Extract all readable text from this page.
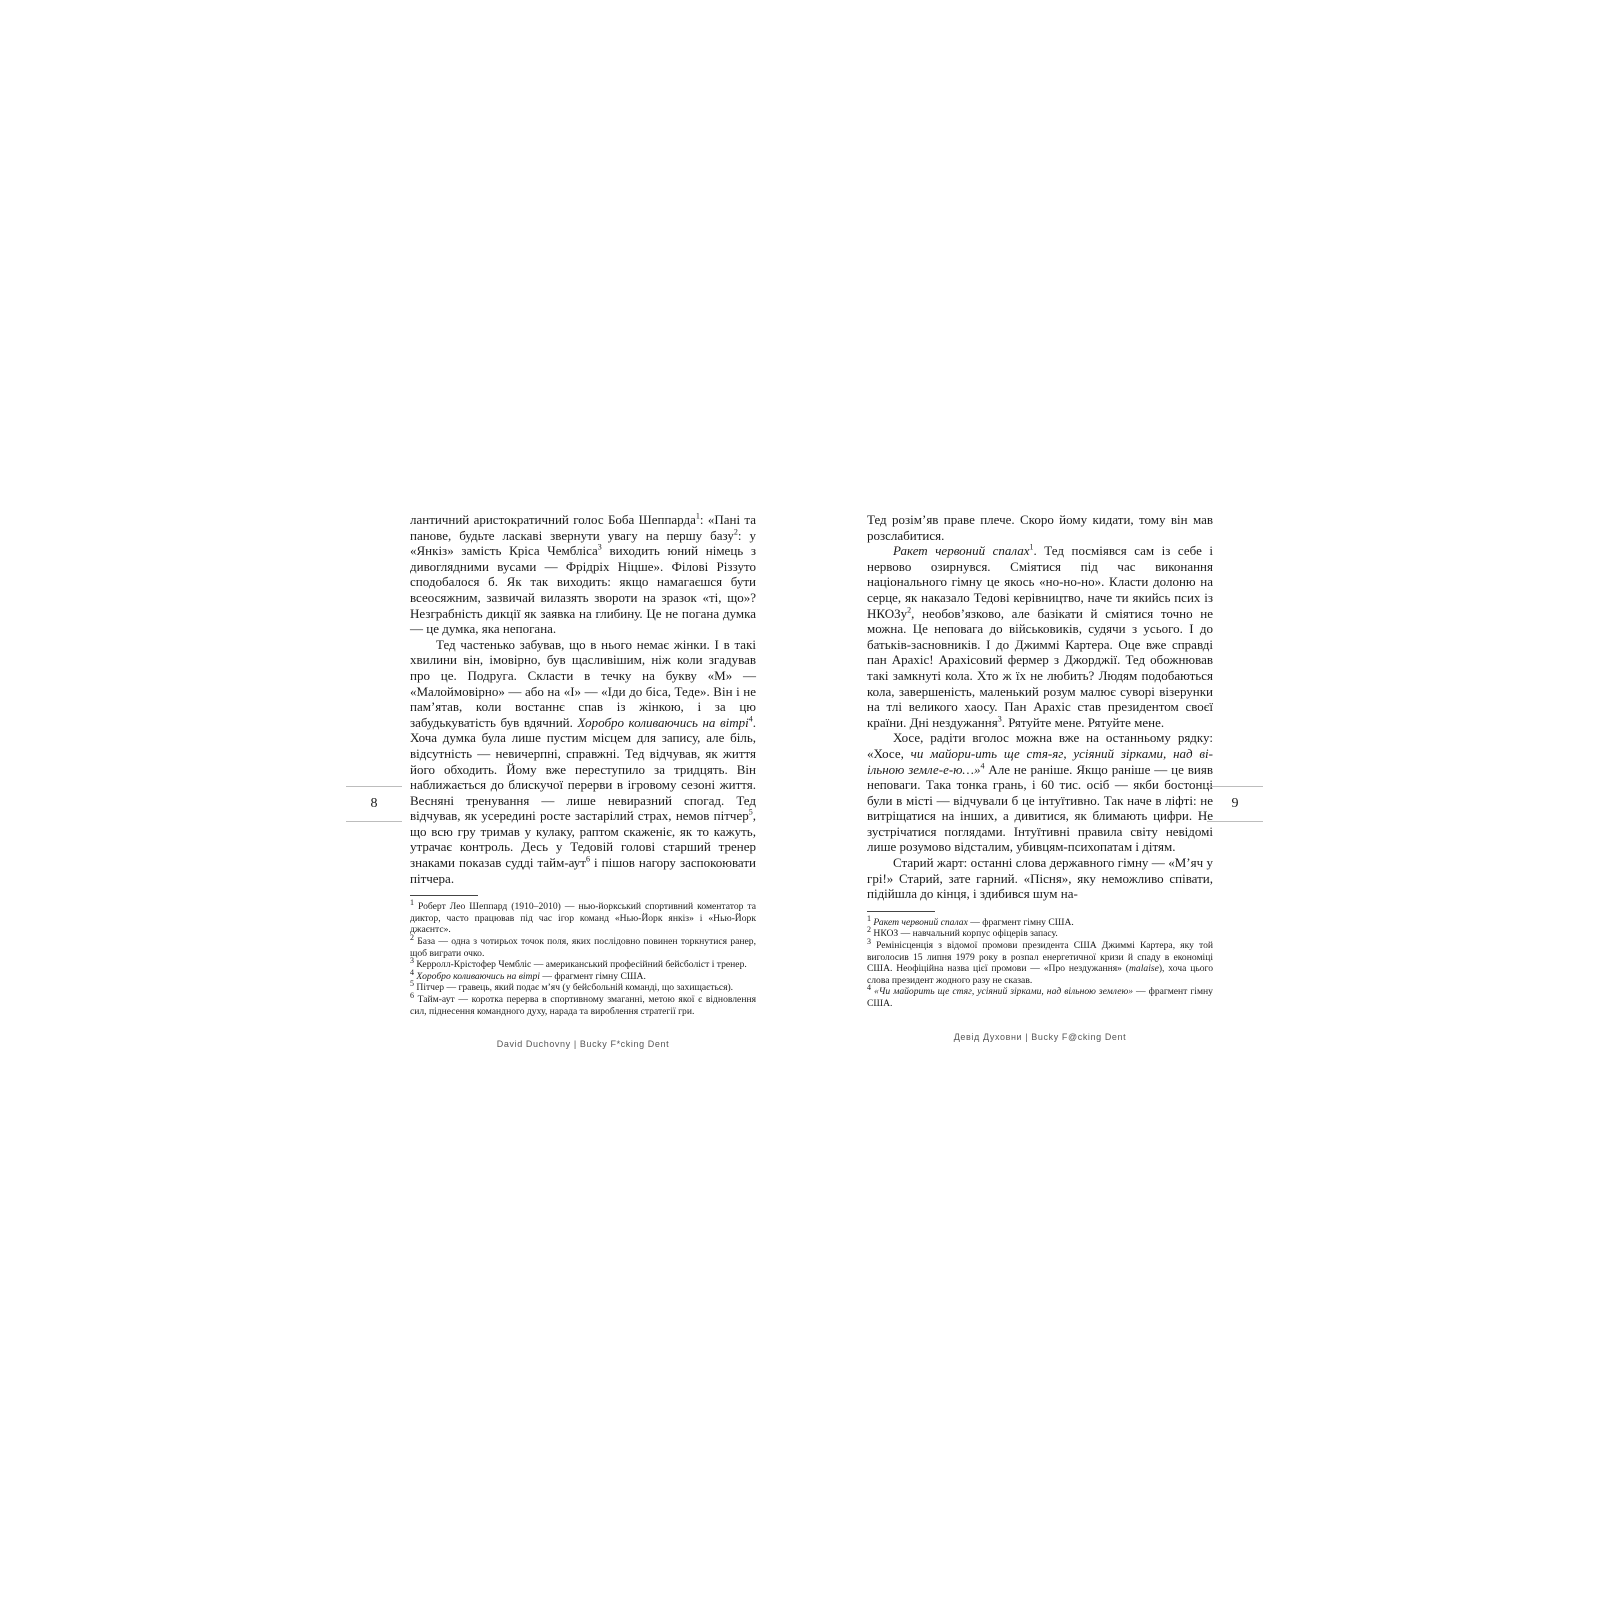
8

лантичний аристократичний голос Боба Шеппарда$^1$: «Пані та панове, будьте ласкаві звернути увагу на першу базу$^2$: у «Янкіз» замість Кріса Чембліса$^3$ виходить юний німець з дивоглядними вусами — Фрідріх Ніцше». Філові Різзуто сподобалося б. Як так виходить: якщо намагаєшся бути всеосяжним, зазвичай вилазять звороти на зразок «ті, що»? Незграбність дикції як заявка на глибину. Це не погана думка — це думка, яка непогана.

Тед частенько забував, що в нього немає жінки. І в такі хвилини він, імовірно, був щасливішим, ніж коли згадував про це. Подруга. Скласти в течку на букву «М» — «Малоймовірно» — або на «І» — «Іди до біса, Теде». Він і не пам’ятав, коли востаннє спав із жінкою, і за цю забудькуватість був вдячний. Хоробро коливаючись на вітрі$^4$. Хоча думка була лише пустим місцем для запису, але біль, відсутність — невичерпні, справжні. Тед відчував, як життя його обходить. Йому вже переступило за тридцять. Він наближається до блискучої перерви в ігровому сезоні життя. Весняні тренування — лише невиразний спогад. Тед відчував, як усередині росте застарілий страх, немов пітчер$^5$, що всю гру тримав у кулаку, раптом скаженіє, як то кажуть, утрачає контроль. Десь у Тедовій голові старший тренер знаками показав судді тайм-аут$^6$ і пішов нагору заспокоювати пітчера.

$^1$ Роберт Лео Шеппард (1910–2010) — нью-йоркський спортивний коментатор та диктор, часто працював під час ігор команд «Нью-Йорк янкіз» і «Нью-Йорк джаєнтс».

$^2$ База — одна з чотирьох точок поля, яких послідовно повинен торкнутися ранер, щоб виграти очко.

$^3$ Керролл-Крістофер Чембліс — американський професійний бейсболіст і тренер.

$^4$ Хоробро коливаючись на вітрі — фрагмент гімну США.

$^5$ Пітчер — гравець, який подає м’яч (у бейсбольній команді, що захищається).

$^6$ Тайм-аут — коротка перерва в спортивному змаганні, метою якої є відновлення сил, піднесення командного духу, нарада та вироблення стратегії гри.

David Duchovny | Bucky F*cking Dent

Тед розім’яв праве плече. Скоро йому кидати, тому він мав розслабитися.

Ракет червоний спалах$^1$. Тед посміявся сам із себе і нервово озирнувся. Сміятися під час виконання національного гімну це якось «но-но-но». Класти долоню на серце, як наказало Тедові керівництво, наче ти якийсь псих із НКОЗу$^2$, необов’язково, але базікати й сміятися точно не можна. Це неповага до військовиків, судячи з усього. І до батьків-засновників. І до Джиммі Картера. Оце вже справді пан Арахіс! Арахісовий фермер з Джорджії. Тед обожнював такі замкнуті кола. Хто ж їх не любить? Людям подобаються кола, завершеність, маленький розум малює суворі візерунки на тлі великого хаосу. Пан Арахіс став президентом своєї країни. Дні нездужання$^3$. Рятуйте мене. Рятуйте мене.

Хосе, радіти вголос можна вже на останньому рядку: «Хосе, чи майори-ить ще стя-яг, усіяний зірками, над ві-ільною земле-е-ю…»$^4$ Але не раніше. Якщо раніше — це вияв неповаги. Така тонка грань, і 60 тис. осіб — якби бостонці були в місті — відчували б це інтуїтивно. Так наче в ліфті: не витріщатися на інших, а дивитися, як блимають цифри. Не зустрічатися поглядами. Інтуїтивні правила світу невідомі лише розумово відсталим, убивцям-психопатам і дітям.

Старий жарт: останні слова державного гімну — «М’яч у грі!» Старий, зате гарний. «Пісня», яку неможливо співати, підійшла до кінця, і здибився шум на-

$^1$ Ракет червоний спалах — фрагмент гімну США.

$^2$ НКОЗ — навчальний корпус офіцерів запасу.

$^3$ Ремінісценція з відомої промови президента США Джиммі Картера, яку той виголосив 15 липня 1979 року в розпал енергетичної кризи й спаду в економіці США. Неофіційна назва цієї промови — «Про нездужання» (malaise), хоча цього слова президент жодного разу не сказав.

$^4$ «Чи майорить ще стяг, усіяний зірками, над вільною землею» — фрагмент гімну США.

Девід Духовни | Bucky F@cking Dent
9
